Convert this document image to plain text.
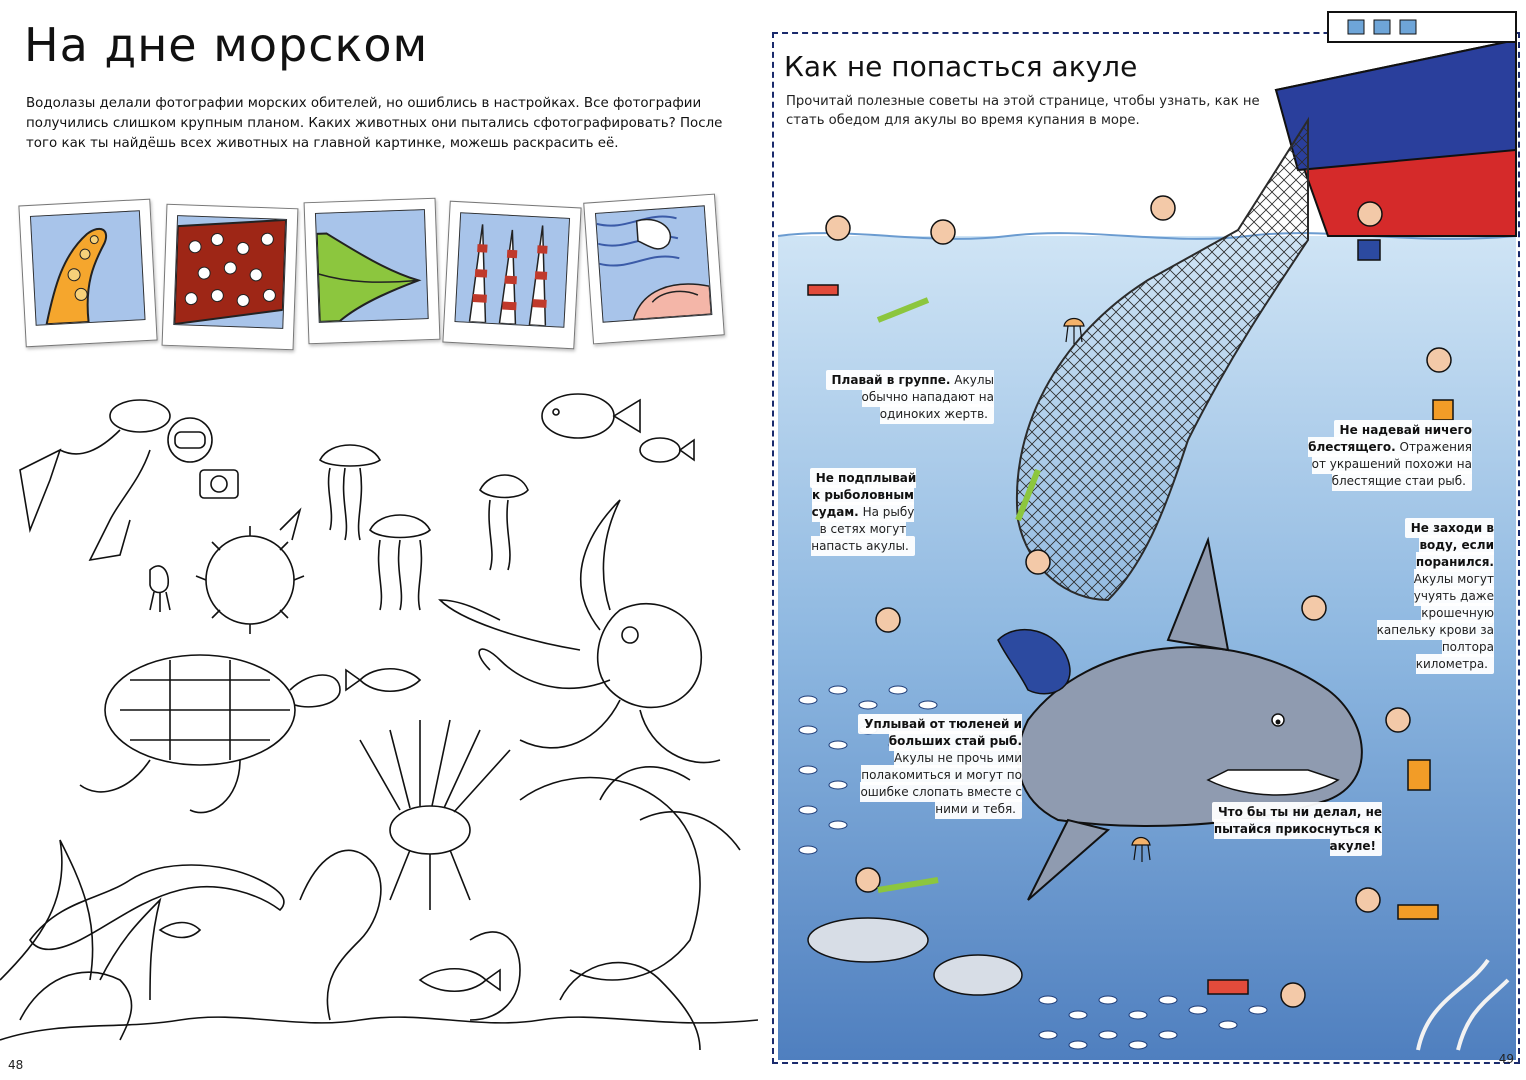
На дне морском
Водолазы делали фотографии морских обителей, но ошиблись в настройках. Все фотографии получились слишком крупным планом. Каких животных они пытались сфотографировать? После того как ты найдёшь всех животных на главной картинке, можешь раскрасить её.
48
Как не попасться акуле
Прочитай полезные советы на этой странице, чтобы узнать, как не стать обедом для акулы во время купания в море.
Плавай в группе. Акулы обычно нападают на одиноких жертв.
Не подплывай к рыболовным судам. На рыбу в сетях могут напасть акулы.
Уплывай от тюленей и больших стай рыб. Акулы не прочь ими полакомиться и могут по ошибке слопать вместе с ними и тебя.
Не надевай ничего блестящего. Отражения от украшений похожи на блестящие стаи рыб.
Не заходи в воду, если поранился. Акулы могут учуять даже крошечную капельку крови за полтора километра.
Что бы ты ни делал, не пытайся прикоснуться к акуле!
49
